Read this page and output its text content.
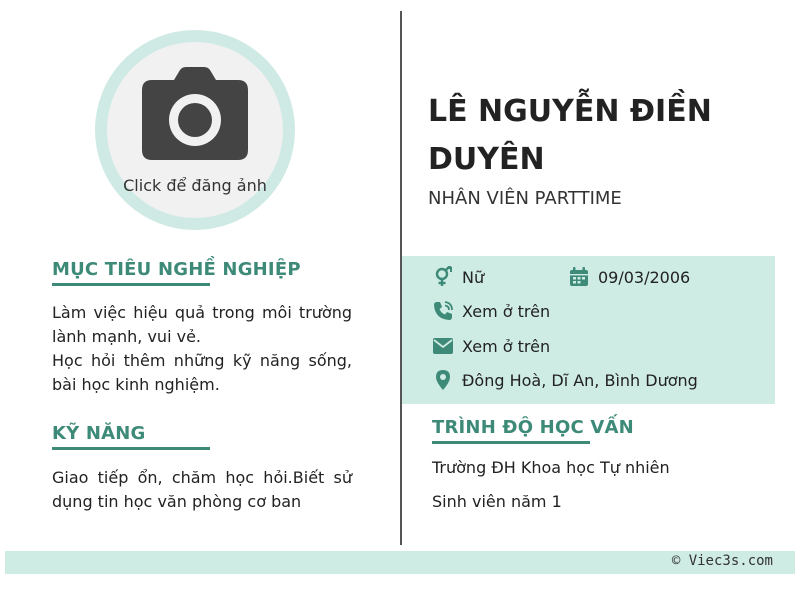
Click để đăng ảnh
MỤC TIÊU NGHỀ NGHIỆP

Làm việc hiệu quả trong môi trường lành mạnh, vui vẻ.

Học hỏi thêm những kỹ năng sống, bài học kinh nghiệm.

KỸ NĂNG

Giao tiếp ổn, chăm học hỏi.Biết sử dụng tin học văn phòng cơ ban

LÊ NGUYỄN ĐIỀN DUYÊN
NHÂN VIÊN PARTTIME
Nữ	09/03/2006
Xem ở trên
Xem ở trên
Đông Hoà, Dĩ An, Bình Dương
TRÌNH ĐỘ HỌC VẤN
Trường ĐH Khoa học Tự nhiên
Sinh viên năm 1
© Viec3s.com
